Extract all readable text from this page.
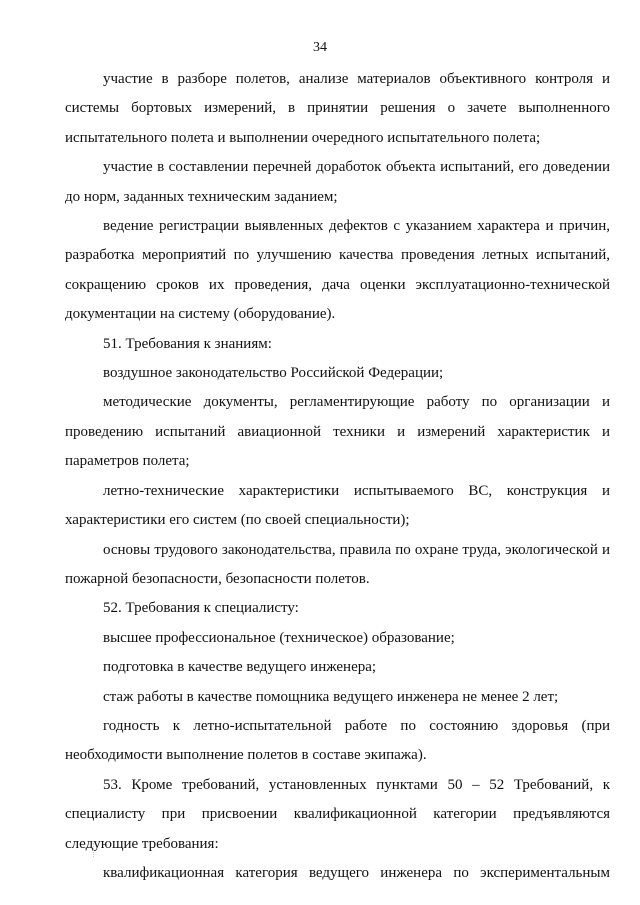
34

участие в разборе полетов, анализе материалов объективного контроля и системы бортовых измерений, в принятии решения о зачете выполненного испытательного полета и выполнении очередного испытательного полета;

участие в составлении перечней доработок объекта испытаний, его доведении до норм, заданных техническим заданием;

ведение регистрации выявленных дефектов с указанием характера и причин, разработка мероприятий по улучшению качества проведения летных испытаний, сокращению сроков их проведения, дача оценки эксплуатационно-технической документации на систему (оборудование).

51. Требования к знаниям:

воздушное законодательство Российской Федерации;

методические документы, регламентирующие работу по организации и проведению испытаний авиационной техники и измерений характеристик и параметров полета;

летно-технические характеристики испытываемого ВС, конструкция и характеристики его систем (по своей специальности);

основы трудового законодательства, правила по охране труда, экологической и пожарной безопасности, безопасности полетов.

52. Требования к специалисту:

высшее профессиональное (техническое) образование;

подготовка в качестве ведущего инженера;

стаж работы в качестве помощника ведущего инженера не менее 2 лет;

годность к летно-испытательной работе по состоянию здоровья (при необходимости выполнение полетов в составе экипажа).

53. Кроме требований, установленных пунктами 50 – 52 Требований, к специалисту при присвоении квалификационной категории предъявляются следующие требования:

квалификационная категория ведущего инженера по экспериментальным
